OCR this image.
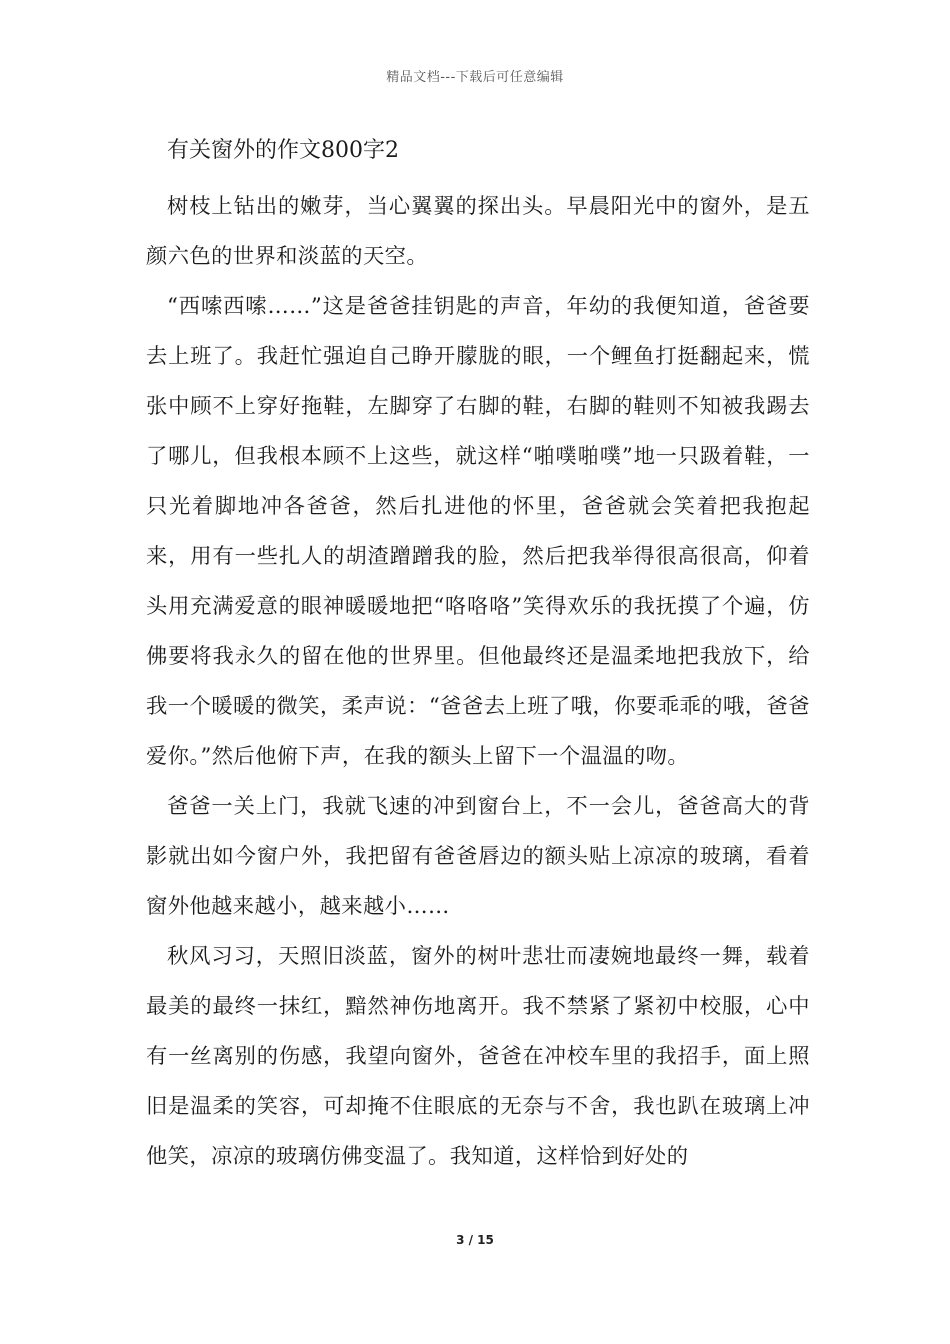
精品文档---下载后可任意编辑
有关窗外的作文800字2

树枝上钻出的嫩芽，当心翼翼的探出头。早晨阳光中的窗外，是五颜六色的世界和淡蓝的天空。

“西嗦西嗦……”这是爸爸挂钥匙的声音，年幼的我便知道，爸爸要去上班了。我赶忙强迫自己睁开朦胧的眼，一个鲤鱼打挺翻起来，慌张中顾不上穿好拖鞋，左脚穿了右脚的鞋，右脚的鞋则不知被我踢去了哪儿，但我根本顾不上这些，就这样“啪噗啪噗”地一只趿着鞋，一只光着脚地冲各爸爸，然后扎进他的怀里，爸爸就会笑着把我抱起来，用有一些扎人的胡渣蹭蹭我的脸，然后把我举得很高很高，仰着头用充满爱意的眼神暖暖地把“咯咯咯”笑得欢乐的我抚摸了个遍，仿佛要将我永久的留在他的世界里。但他最终还是温柔地把我放下，给我一个暖暖的微笑，柔声说：“爸爸去上班了哦，你要乖乖的哦，爸爸爱你。”然后他俯下声，在我的额头上留下一个温温的吻。

爸爸一关上门，我就飞速的冲到窗台上，不一会儿，爸爸高大的背影就出如今窗户外，我把留有爸爸唇边的额头贴上凉凉的玻璃，看着窗外他越来越小，越来越小……

秋风习习，天照旧淡蓝，窗外的树叶悲壮而凄婉地最终一舞，载着最美的最终一抹红，黯然神伤地离开。我不禁紧了紧初中校服，心中有一丝离别的伤感，我望向窗外，爸爸在冲校车里的我招手，面上照旧是温柔的笑容，可却掩不住眼底的无奈与不舍，我也趴在玻璃上冲他笑，凉凉的玻璃仿佛变温了。我知道，这样恰到好处的

3 / 15
